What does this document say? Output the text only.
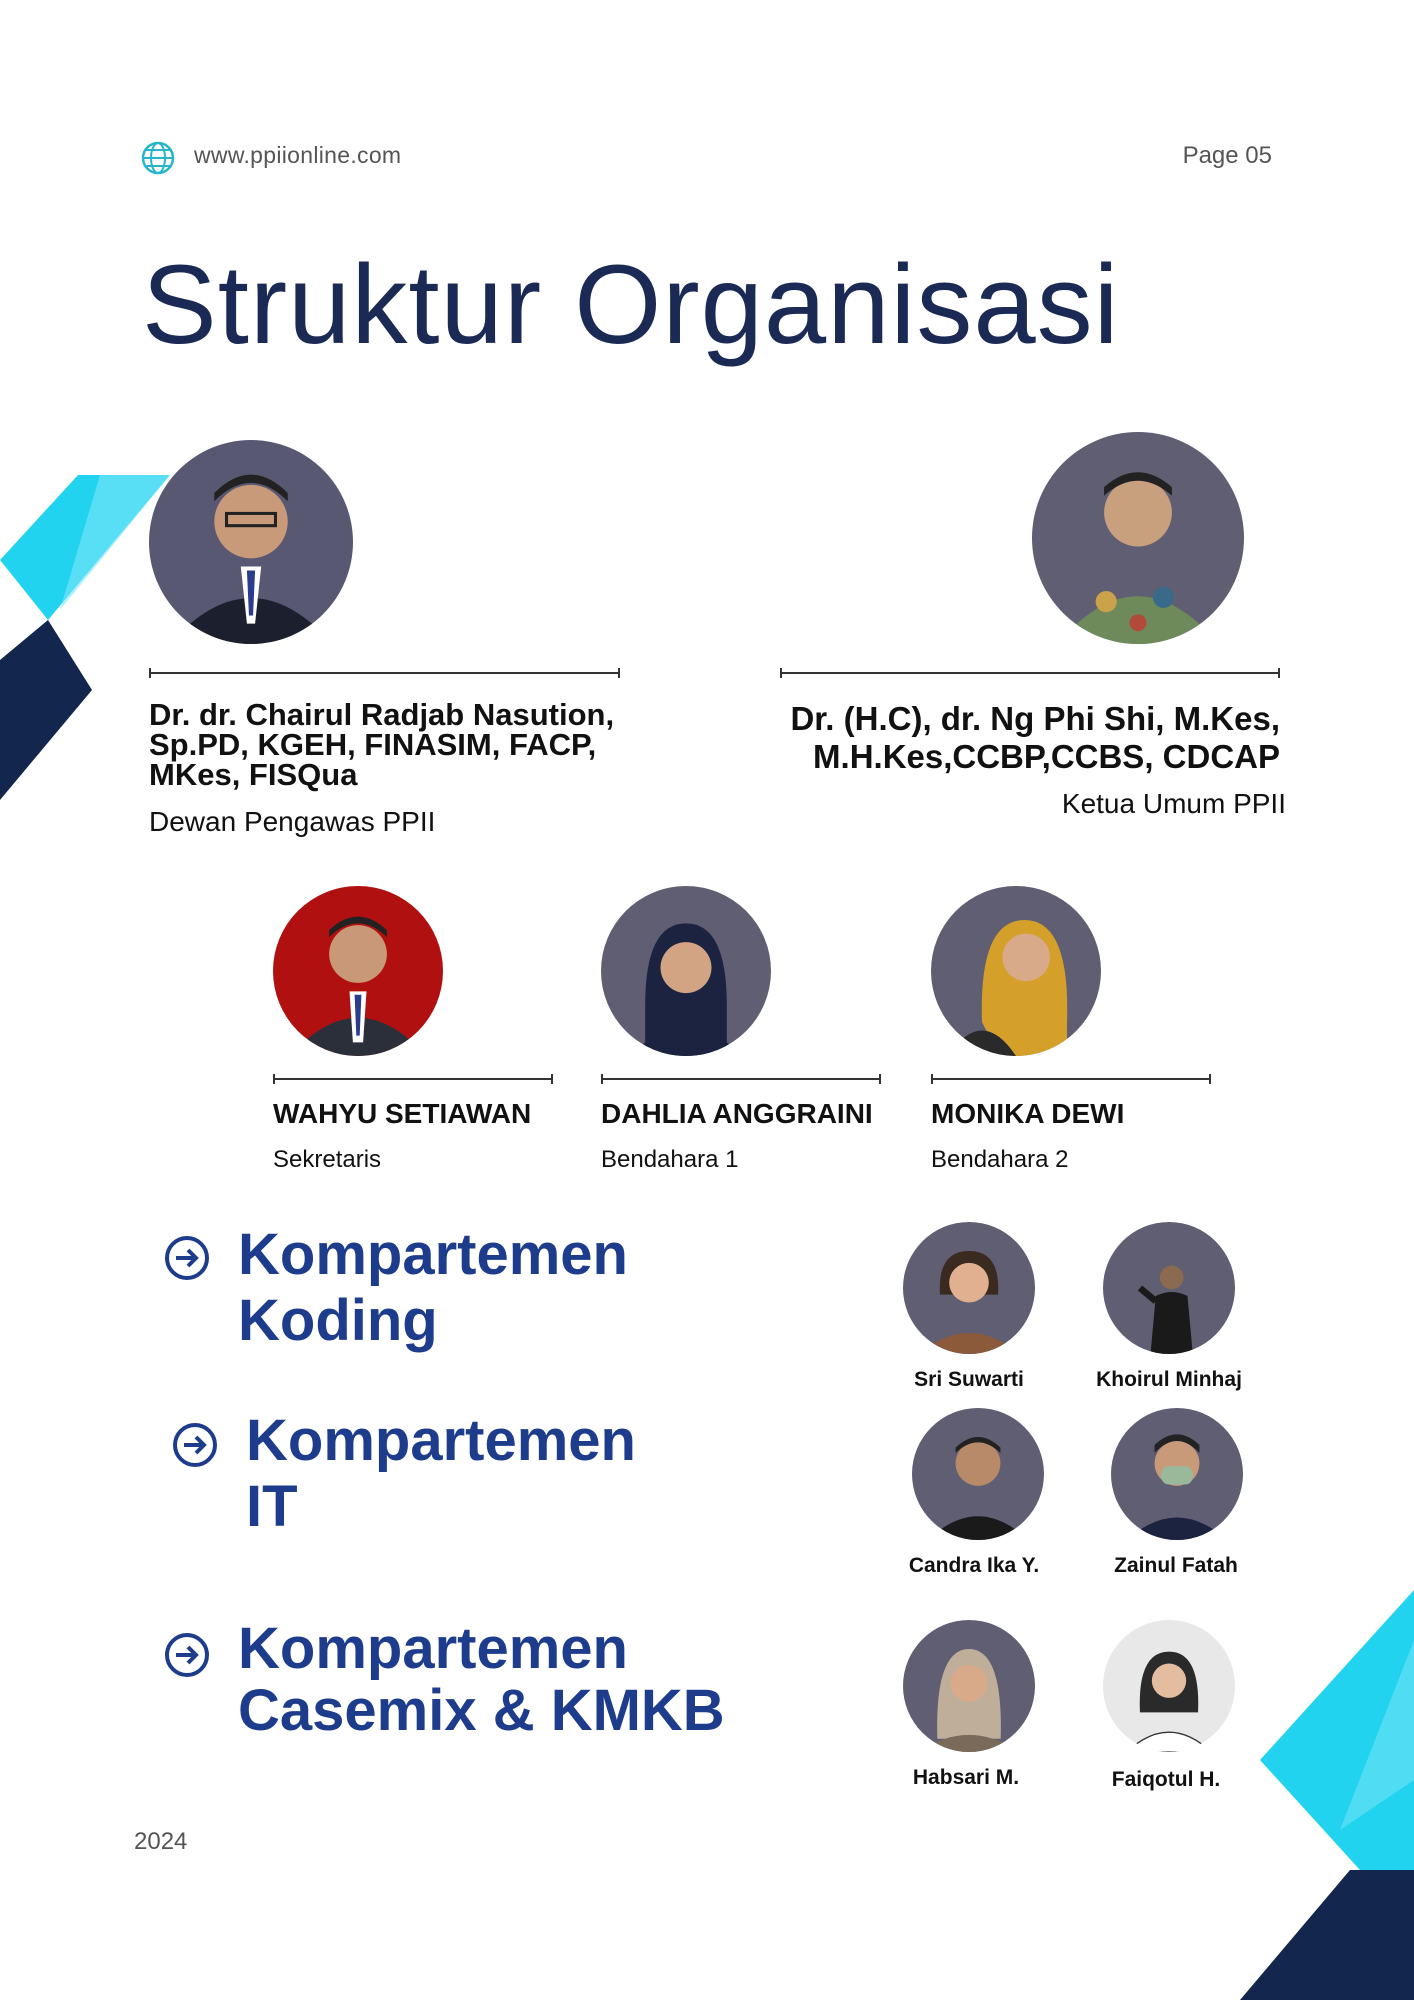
www.ppiionline.com	Page 05
Struktur Organisasi
Dr. dr. Chairul Radjab Nasution, Sp.PD, KGEH, FINASIM, FACP, MKes, FISQua
Dewan Pengawas PPII
Dr. (H.C), dr. Ng Phi Shi, M.Kes, M.H.Kes,CCBP,CCBS, CDCAP
Ketua Umum PPII
WAHYU SETIAWAN
Sekretaris
DAHLIA ANGGRAINI
Bendahara 1
MONIKA DEWI
Bendahara 2
Kompartemen
Koding
Kompartemen
IT
Kompartemen
Casemix & KMKB
Sri Suwarti	Khoirul Minhaj
Candra Ika Y.	Zainul Fatah
Habsari M.	Faiqotul H.
2024
